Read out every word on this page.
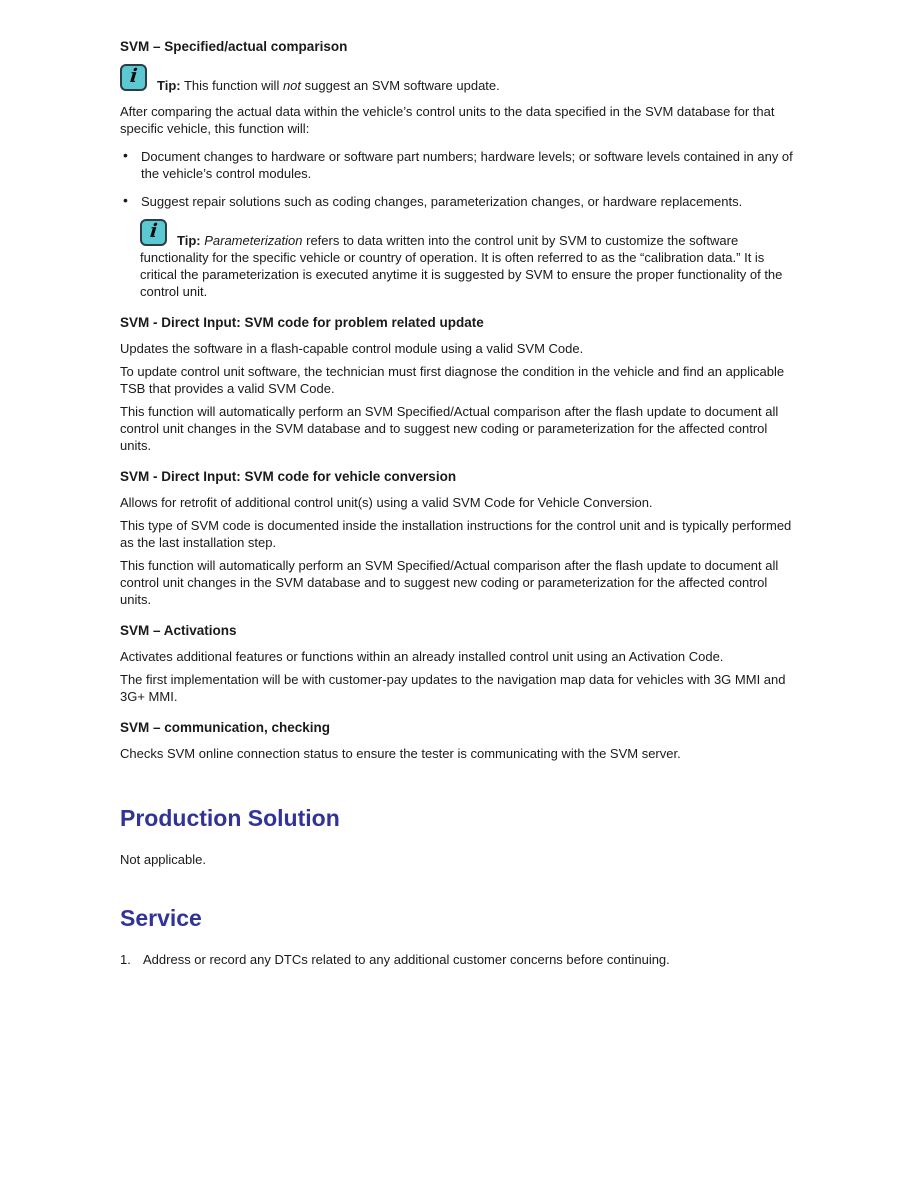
SVM – Specified/actual comparison
i	Tip: This function will not suggest an SVM software update.

After comparing the actual data within the vehicle’s control units to the data specified in the SVM database for that specific vehicle, this function will:

• Document changes to hardware or software part numbers; hardware levels; or software levels contained in any of the vehicle’s control modules.
• Suggest repair solutions such as coding changes, parameterization changes, or hardware replacements.
i	Tip: Parameterization refers to data written into the control unit by SVM to customize the software functionality for the specific vehicle or country of operation. It is often referred to as the “calibration data.” It is critical the parameterization is executed anytime it is suggested by SVM to ensure the proper functionality of the control unit.

SVM - Direct Input: SVM code for problem related update

Updates the software in a flash-capable control module using a valid SVM Code.

To update control unit software, the technician must first diagnose the condition in the vehicle and find an applicable TSB that provides a valid SVM Code.

This function will automatically perform an SVM Specified/Actual comparison after the flash update to document all control unit changes in the SVM database and to suggest new coding or parameterization for the affected control units.

SVM - Direct Input: SVM code for vehicle conversion

Allows for retrofit of additional control unit(s) using a valid SVM Code for Vehicle Conversion.

This type of SVM code is documented inside the installation instructions for the control unit and is typically performed as the last installation step.

This function will automatically perform an SVM Specified/Actual comparison after the flash update to document all control unit changes in the SVM database and to suggest new coding or parameterization for the affected control units.

SVM – Activations

Activates additional features or functions within an already installed control unit using an Activation Code.

The first implementation will be with customer-pay updates to the navigation map data for vehicles with 3G MMI and 3G+ MMI.

SVM – communication, checking

Checks SVM online connection status to ensure the tester is communicating with the SVM server.

Production Solution

Not applicable.

Service
1. Address or record any DTCs related to any additional customer concerns before continuing.
